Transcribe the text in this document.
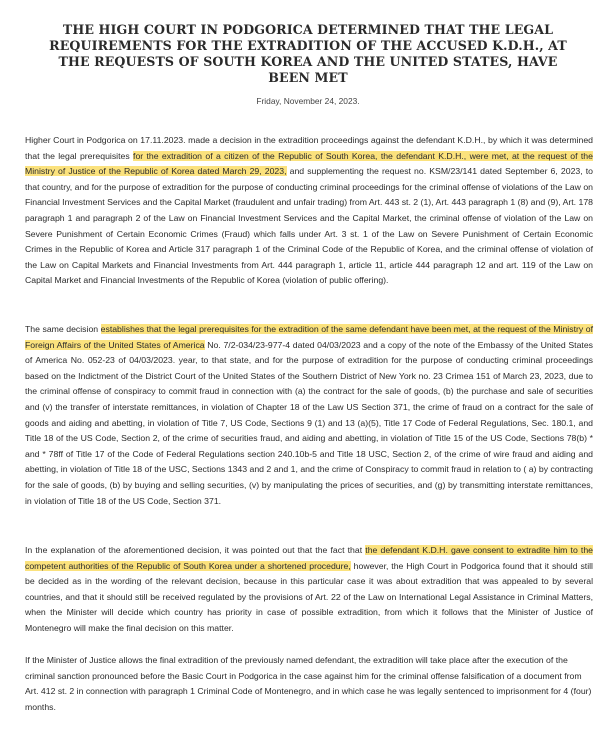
THE HIGH COURT IN PODGORICA DETERMINED THAT THE LEGAL REQUIREMENTS FOR THE EXTRADITION OF THE ACCUSED K.D.H., AT THE REQUESTS OF SOUTH KOREA AND THE UNITED STATES, HAVE BEEN MET
Friday, November 24, 2023.

Higher Court in Podgorica on 17.11.2023. made a decision in the extradition proceedings against the defendant K.D.H., by which it was determined that the legal prerequisites for the extradition of a citizen of the Republic of South Korea, the defendant K.D.H., were met, at the request of the Ministry of Justice of the Republic of Korea dated March 29, 2023, and supplementing the request no. KSM/23/141 dated September 6, 2023, to that country, and for the purpose of extradition for the purpose of conducting criminal proceedings for the criminal offense of violations of the Law on Financial Investment Services and the Capital Market (fraudulent and unfair trading) from Art. 443 st. 2 (1), Art. 443 paragraph 1 (8) and (9), Art. 178 paragraph 1 and paragraph 2 of the Law on Financial Investment Services and the Capital Market, the criminal offense of violation of the Law on Severe Punishment of Certain Economic Crimes (Fraud) which falls under Art. 3 st. 1 of the Law on Severe Punishment of Certain Economic Crimes in the Republic of Korea and Article 317 paragraph 1 of the Criminal Code of the Republic of Korea, and the criminal offense of violation of the Law on Capital Markets and Financial Investments from Art. 444 paragraph 1, article 11, article 444 paragraph 12 and art. 119 of the Law on Capital Market and Financial Investments of the Republic of Korea (violation of public offering).

The same decision establishes that the legal prerequisites for the extradition of the same defendant have been met, at the request of the Ministry of Foreign Affairs of the United States of America No. 7/2-034/23-977-4 dated 04/03/2023 and a copy of the note of the Embassy of the United States of America No. 052-23 of 04/03/2023. year, to that state, and for the purpose of extradition for the purpose of conducting criminal proceedings based on the Indictment of the District Court of the United States of the Southern District of New York no. 23 Crimea 151 of March 23, 2023, due to the criminal offense of conspiracy to commit fraud in connection with (a) the contract for the sale of goods, (b) the purchase and sale of securities and (v) the transfer of interstate remittances, in violation of Chapter 18 of the Law US Section 371, the crime of fraud on a contract for the sale of goods and aiding and abetting, in violation of Title 7, US Code, Sections 9 (1) and 13 (a)(5), Title 17 Code of Federal Regulations, Sec. 180.1, and Title 18 of the US Code, Section 2, of the crime of securities fraud, and aiding and abetting, in violation of Title 15 of the US Code, Sections 78(b) * and * 78ff of Title 17 of the Code of Federal Regulations section 240.10b-5 and Title 18 USC, Section 2, of the crime of wire fraud and aiding and abetting, in violation of Title 18 of the USC, Sections 1343 and 2 and 1, and the crime of Conspiracy to commit fraud in relation to ( a) by contracting for the sale of goods, (b) by buying and selling securities, (v) by manipulating the prices of securities, and (g) by transmitting interstate remittances, in violation of Title 18 of the US Code, Section 371.

In the explanation of the aforementioned decision, it was pointed out that the fact that the defendant K.D.H. gave consent to extradite him to the competent authorities of the Republic of South Korea under a shortened procedure, however, the High Court in Podgorica found that it should still be decided as in the wording of the relevant decision, because in this particular case it was about extradition that was appealed to by several countries, and that it should still be received regulated by the provisions of Art. 22 of the Law on International Legal Assistance in Criminal Matters, when the Minister will decide which country has priority in case of possible extradition, from which it follows that the Minister of Justice of Montenegro will make the final decision on this matter.

If the Minister of Justice allows the final extradition of the previously named defendant, the extradition will take place after the execution of the criminal sanction pronounced before the Basic Court in Podgorica in the case against him for the criminal offense falsification of a document from Art. 412 st. 2 in connection with paragraph 1 Criminal Code of Montenegro, and in which case he was legally sentenced to imprisonment for 4 (four) months.
